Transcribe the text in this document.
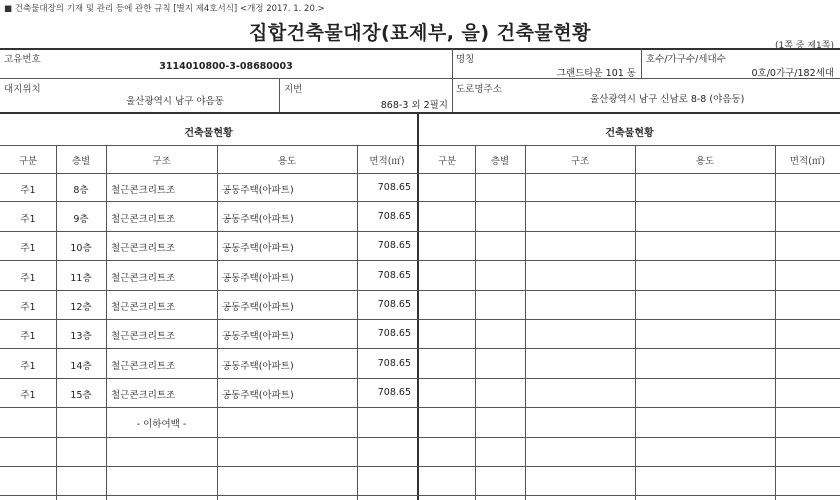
■ 건축물대장의 기재 및 관리 등에 관한 규칙 [별지 제4호서식] <개정 2017. 1. 20.>
집합건축물대장(표제부, 을) 건축물현황
(1쪽 중 제1쪽)
고유번호
3114010800-3-08680003
명칭
그랜드타운 101 동
호수/가구수/세대수
0호/0가구/182세대
대지위치
울산광역시 남구 야음동
지번
868-3 외 2필지
도로명주소
울산광역시 남구 신남로 8-8 (야음동)
건축물현황	건축물현황
구분	층별	구조	용도	면적(㎡)	구분	층별	구조	용도	면적(㎡)
주1	8층	철근콘크리트조	공동주택(아파트)	708.65
주1	9층	철근콘크리트조	공동주택(아파트)	708.65
주1	10층	철근콘크리트조	공동주택(아파트)	708.65
주1	11층	철근콘크리트조	공동주택(아파트)	708.65
주1	12층	철근콘크리트조	공동주택(아파트)	708.65
주1	13층	철근콘크리트조	공동주택(아파트)	708.65
주1	14층	철근콘크리트조	공동주택(아파트)	708.65
주1	15층	철근콘크리트조	공동주택(아파트)	708.65
- 이하여백 -
